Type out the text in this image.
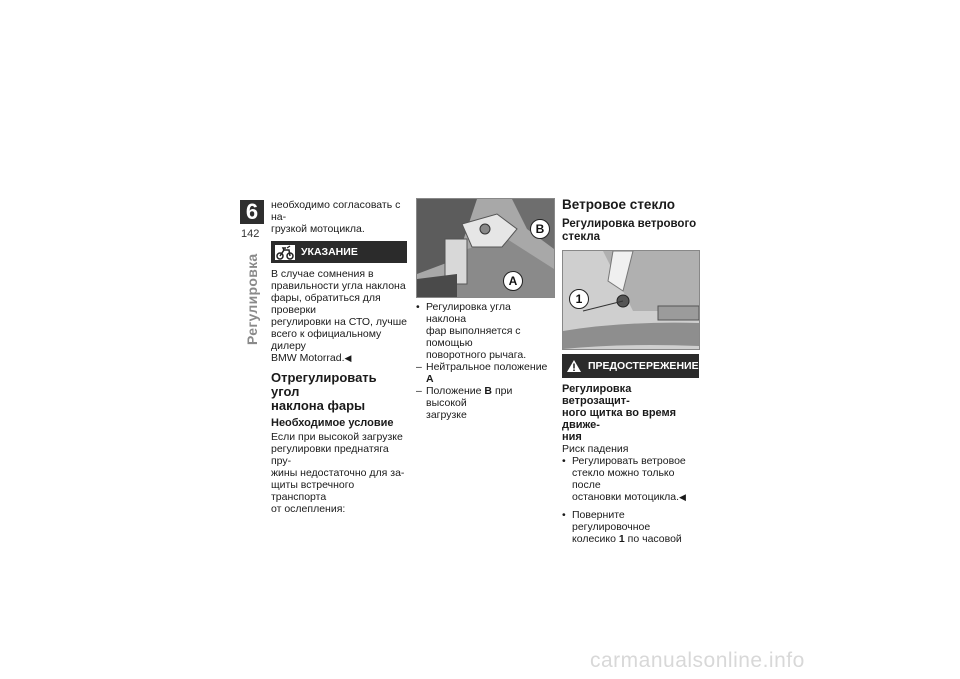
6
142
Регулировка

необходимо согласовать с на-
грузкой мотоцикла.

УКАЗАНИЕ

В случае сомнения в
правильности угла наклона
фары, обратиться для проверки
регулировки на СТО, лучше
всего к официальному дилеру
BMW Motorrad.◀

Отрегулировать угол
наклона фары
Необходимое условие

Если при высокой загрузке
регулировки преднатяга пру-
жины недостаточно для за-
щиты встречного транспорта
от ослепления:

B
A
• Регулировка угла наклона
фар выполняется с помощью
поворотного рычага.
– Нейтральное положение A
– Положение B при высокой
загрузке
Ветровое стекло
Регулировка ветрового
стекла
1
ПРЕДОСТЕРЕЖЕНИЕ
Регулировка ветрозащит-
ного щитка во время движе-
ния

Риск падения

• Регулировать ветровое
стекло можно только после
остановки мотоцикла.◀
• Поверните регулировочное
колесико 1 по часовой
carmanualsonline.info
